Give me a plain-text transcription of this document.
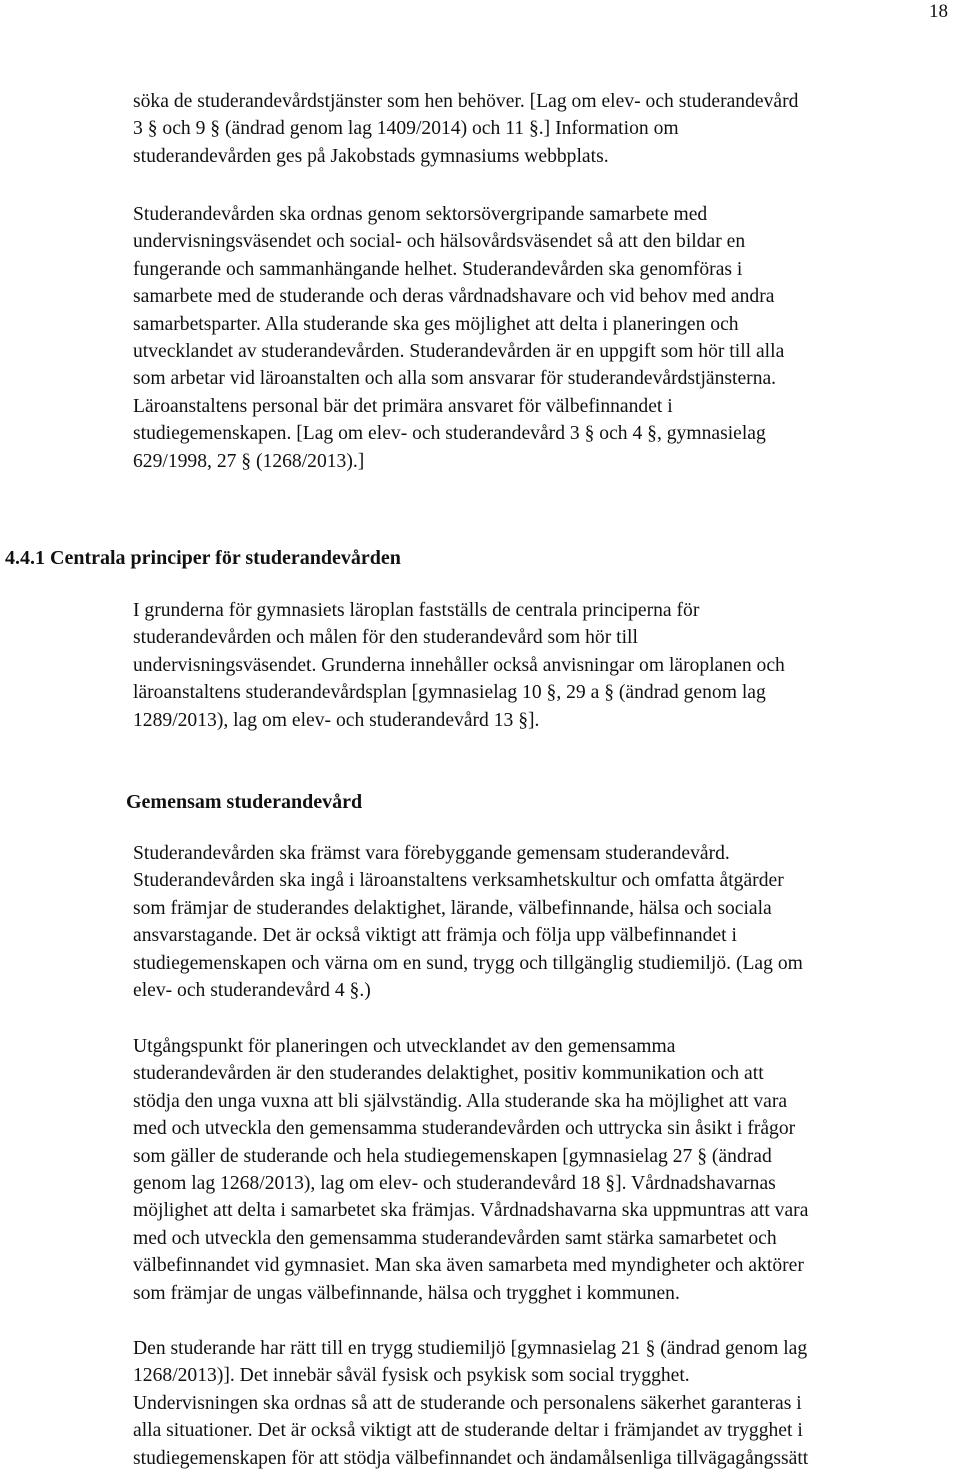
18

söka de studerandevårdstjänster som hen behöver. [Lag om elev- och studerandevård
3 § och 9 § (ändrad genom lag 1409/2014) och 11 §.] Information om
studerandevården ges på Jakobstads gymnasiums webbplats.

Studerandevården ska ordnas genom sektorsövergripande samarbete med
undervisningsväsendet och social- och hälsovårdsväsendet så att den bildar en
fungerande och sammanhängande helhet. Studerandevården ska genomföras i
samarbete med de studerande och deras vårdnadshavare och vid behov med andra
samarbetsparter. Alla studerande ska ges möjlighet att delta i planeringen och
utvecklandet av studerandevården. Studerandevården är en uppgift som hör till alla
som arbetar vid läroanstalten och alla som ansvarar för studerandevårdstjänsterna.
Läroanstaltens personal bär det primära ansvaret för välbefinnandet i
studiegemenskapen. [Lag om elev- och studerandevård 3 § och 4 §, gymnasielag
629/1998, 27 § (1268/2013).]

4.4.1 Centrala principer för studerandevården

I grunderna för gymnasiets läroplan fastställs de centrala principerna för
studerandevården och målen för den studerandevård som hör till
undervisningsväsendet. Grunderna innehåller också anvisningar om läroplanen och
läroanstaltens studerandevårdsplan [gymnasielag 10 §, 29 a § (ändrad genom lag
1289/2013), lag om elev- och studerandevård 13 §].

Gemensam studerandevård

Studerandevården ska främst vara förebyggande gemensam studerandevård.
Studerandevården ska ingå i läroanstaltens verksamhetskultur och omfatta åtgärder
som främjar de studerandes delaktighet, lärande, välbefinnande, hälsa och sociala
ansvarstagande. Det är också viktigt att främja och följa upp välbefinnandet i
studiegemenskapen och värna om en sund, trygg och tillgänglig studiemiljö. (Lag om
elev- och studerandevård 4 §.)

Utgångspunkt för planeringen och utvecklandet av den gemensamma
studerandevården är den studerandes delaktighet, positiv kommunikation och att
stödja den unga vuxna att bli självständig. Alla studerande ska ha möjlighet att vara
med och utveckla den gemensamma studerandevården och uttrycka sin åsikt i frågor
som gäller de studerande och hela studiegemenskapen [gymnasielag 27 § (ändrad
genom lag 1268/2013), lag om elev- och studerandevård 18 §]. Vårdnadshavarnas
möjlighet att delta i samarbetet ska främjas. Vårdnadshavarna ska uppmuntras att vara
med och utveckla den gemensamma studerandevården samt stärka samarbetet och
välbefinnandet vid gymnasiet. Man ska även samarbeta med myndigheter och aktörer
som främjar de ungas välbefinnande, hälsa och trygghet i kommunen.

Den studerande har rätt till en trygg studiemiljö [gymnasielag 21 § (ändrad genom lag
1268/2013)]. Det innebär såväl fysisk och psykisk som social trygghet.
Undervisningen ska ordnas så att de studerande och personalens säkerhet garanteras i
alla situationer. Det är också viktigt att de studerande deltar i främjandet av trygghet i
studiegemenskapen för att stödja välbefinnandet och ändamålsenliga tillvägagångssätt
